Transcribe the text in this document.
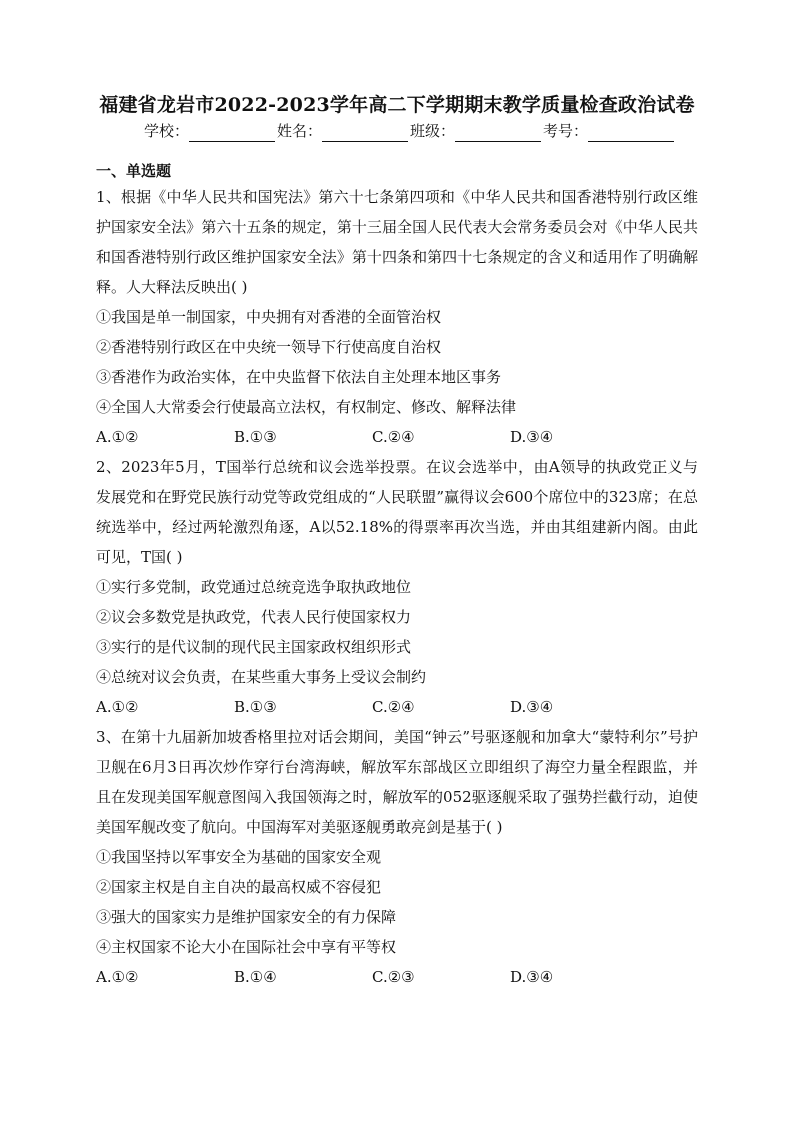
福建省龙岩市2022-2023学年高二下学期期末教学质量检查政治试卷
学校：	姓名：	班级：	考号：
一、单选题

1、根据《中华人民共和国宪法》第六十七条第四项和《中华人民共和国香港特别行政区维护国家安全法》第六十五条的规定，第十三届全国人民代表大会常务委员会对《中华人民共和国香港特别行政区维护国家安全法》第十四条和第四十七条规定的含义和适用作了明确解释。人大释法反映出( )

①我国是单一制国家，中央拥有对香港的全面管治权

②香港特别行政区在中央统一领导下行使高度自治权

③香港作为政治实体，在中央监督下依法自主处理本地区事务

④全国人大常委会行使最高立法权，有权制定、修改、解释法律

A.①②	B.①③	C.②④	D.③④

2、2023年5月，T国举行总统和议会选举投票。在议会选举中，由A领导的执政党正义与发展党和在野党民族行动党等政党组成的“人民联盟”赢得议会600个席位中的323席；在总统选举中，经过两轮激烈角逐，A以52.18%的得票率再次当选，并由其组建新内阁。由此可见，T国( )

①实行多党制，政党通过总统竞选争取执政地位

②议会多数党是执政党，代表人民行使国家权力

③实行的是代议制的现代民主国家政权组织形式

④总统对议会负责，在某些重大事务上受议会制约

A.①②	B.①③	C.②④	D.③④

3、在第十九届新加坡香格里拉对话会期间，美国“钟云”号驱逐舰和加拿大“蒙特利尔”号护卫舰在6月3日再次炒作穿行台湾海峡，解放军东部战区立即组织了海空力量全程跟监，并且在发现美国军舰意图闯入我国领海之时，解放军的052驱逐舰采取了强势拦截行动，迫使美国军舰改变了航向。中国海军对美驱逐舰勇敢亮剑是基于( )

①我国坚持以军事安全为基础的国家安全观

②国家主权是自主自决的最高权威不容侵犯

③强大的国家实力是维护国家安全的有力保障

④主权国家不论大小在国际社会中享有平等权

A.①②	B.①④	C.②③	D.③④
